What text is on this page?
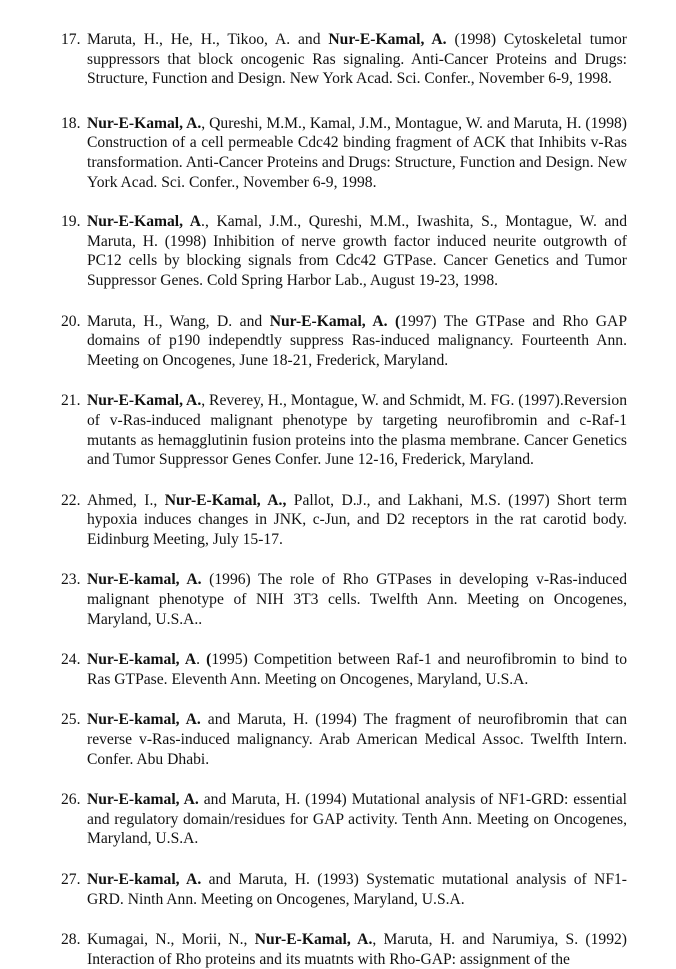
17. Maruta, H., He, H., Tikoo, A. and Nur-E-Kamal, A. (1998) Cytoskeletal tumor suppressors that block oncogenic Ras signaling. Anti-Cancer Proteins and Drugs: Structure, Function and Design. New York Acad. Sci. Confer., November 6-9, 1998.
18. Nur-E-Kamal, A., Qureshi, M.M., Kamal, J.M., Montague, W. and Maruta, H. (1998) Construction of a cell permeable Cdc42 binding fragment of ACK that Inhibits v-Ras transformation. Anti-Cancer Proteins and Drugs: Structure, Function and Design. New York Acad. Sci. Confer., November 6-9, 1998.
19. Nur-E-Kamal, A., Kamal, J.M., Qureshi, M.M., Iwashita, S., Montague, W. and Maruta, H. (1998) Inhibition of nerve growth factor induced neurite outgrowth of PC12 cells by blocking signals from Cdc42 GTPase. Cancer Genetics and Tumor Suppressor Genes. Cold Spring Harbor Lab., August 19-23, 1998.
20. Maruta, H., Wang, D. and Nur-E-Kamal, A. (1997) The GTPase and Rho GAP domains of p190 independtly suppress Ras-induced malignancy. Fourteenth Ann. Meeting on Oncogenes, June 18-21, Frederick, Maryland.
21. Nur-E-Kamal, A., Reverey, H., Montague, W. and Schmidt, M. FG. (1997).Reversion of v-Ras-induced malignant phenotype by targeting neurofibromin and c-Raf-1 mutants as hemagglutinin fusion proteins into the plasma membrane. Cancer Genetics and Tumor Suppressor Genes Confer. June 12-16, Frederick, Maryland.
22. Ahmed, I., Nur-E-Kamal, A., Pallot, D.J., and Lakhani, M.S. (1997) Short term hypoxia induces changes in JNK, c-Jun, and D2 receptors in the rat carotid body. Eidinburg Meeting, July 15-17.
23. Nur-E-kamal, A. (1996) The role of Rho GTPases in developing v-Ras-induced malignant phenotype of NIH 3T3 cells. Twelfth Ann. Meeting on Oncogenes, Maryland, U.S.A..
24. Nur-E-kamal, A. (1995) Competition between Raf-1 and neurofibromin to bind to Ras GTPase. Eleventh Ann. Meeting on Oncogenes, Maryland, U.S.A.
25. Nur-E-kamal, A. and Maruta, H. (1994) The fragment of neurofibromin that can reverse v-Ras-induced malignancy. Arab American Medical Assoc. Twelfth Intern. Confer. Abu Dhabi.
26. Nur-E-kamal, A. and Maruta, H. (1994) Mutational analysis of NF1-GRD: essential and regulatory domain/residues for GAP activity. Tenth Ann. Meeting on Oncogenes, Maryland, U.S.A.
27. Nur-E-kamal, A. and Maruta, H. (1993) Systematic mutational analysis of NF1-GRD. Ninth Ann. Meeting on Oncogenes, Maryland, U.S.A.
28. Kumagai, N., Morii, N., Nur-E-Kamal, A., Maruta, H. and Narumiya, S. (1992) Interaction of Rho proteins and its muatnts with Rho-GAP: assignment of the
